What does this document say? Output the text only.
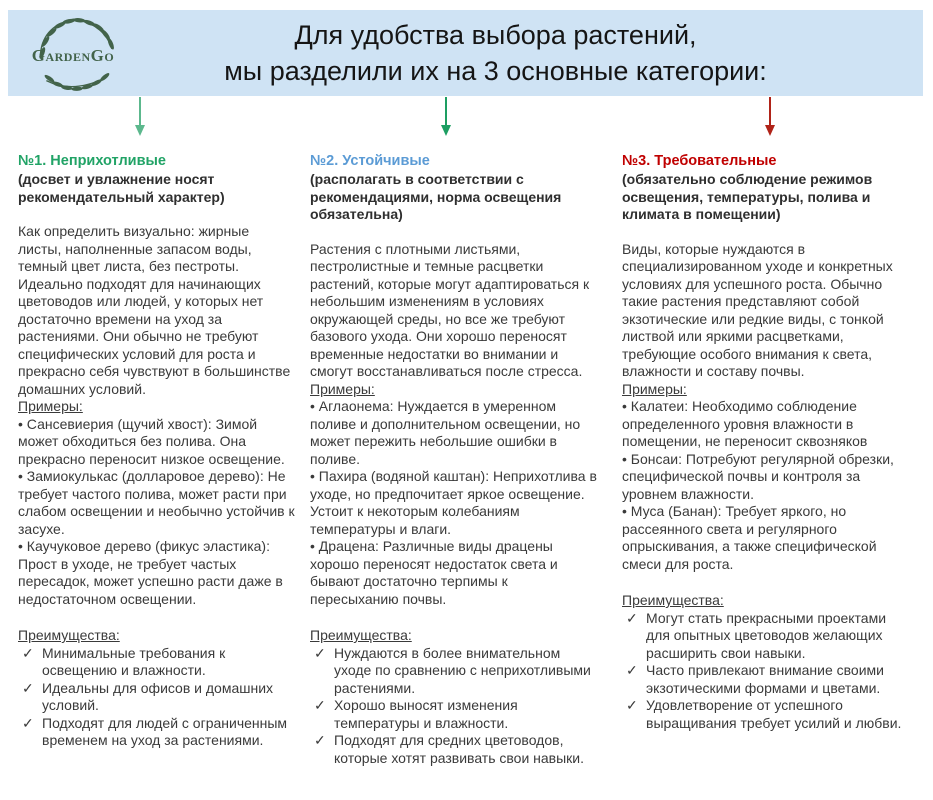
GardenGo
Для удобства выбора растений,
мы разделили их на 3 основные категории:
№1. Неприхотливые

(досвет и увлажнение носят рекомендательный характер)

Как определить визуально: жирные листы, наполненные запасом воды, темный цвет листа, без пестроты. Идеально подходят для начинающих цветоводов или людей, у которых нет достаточно времени на уход за растениями. Они обычно не требуют специфических условий для роста и прекрасно себя чувствуют в большинстве домашних условий.

Примеры:

• Сансевиерия (щучий хвост): Зимой может обходиться без полива. Она прекрасно переносит низкое освещение.

• Замиокулькас (долларовое дерево): Не требует частого полива, может расти при слабом освещении и необычно устойчив к засухе.

• Каучуковое дерево (фикус эластика): Прост в уходе, не требует частых пересадок, может успешно расти даже в недостаточном освещении.

Преимущества:

✓ Минимальные требования к освещению и влажности.
✓ Идеальны для офисов и домашних условий.
✓ Подходят для людей с ограниченным временем на уход за растениями.
№2. Устойчивые

(располагать в соответствии с рекомендациями, норма освещения обязательна)

Растения с плотными листьями, пестролистные и темные расцветки растений, которые могут адаптироваться к небольшим изменениям в условиях окружающей среды, но все же требуют базового ухода. Они хорошо переносят временные недостатки во внимании и смогут восстанавливаться после стресса.

Примеры:

• Аглаонема: Нуждается в умеренном поливе и дополнительном освещении, но может пережить небольшие ошибки в поливе.

• Пахира (водяной каштан): Неприхотлива в уходе, но предпочитает яркое освещение. Устоит к некоторым колебаниям температуры и влаги.

• Драцена: Различные виды драцены хорошо переносят недостаток света и бывают достаточно терпимы к пересыханию почвы.

Преимущества:

✓ Нуждаются в более внимательном уходе по сравнению с неприхотливыми растениями.
✓ Хорошо выносят изменения температуры и влажности.
✓ Подходят для средних цветоводов, которые хотят развивать свои навыки.
№3. Требовательные

(обязательно соблюдение режимов освещения, температуры, полива и климата в помещении)

Виды, которые нуждаются в специализированном уходе и конкретных условиях для успешного роста. Обычно такие растения представляют собой экзотические или редкие виды, с тонкой листвой или яркими расцветками, требующие особого внимания к света, влажности и составу почвы.

Примеры:

• Калатеи: Необходимо соблюдение определенного уровня влажности в помещении, не переносит сквозняков

• Бонсаи: Потребуют регулярной обрезки, специфической почвы и контроля за уровнем влажности.

• Муса (Банан): Требует яркого, но рассеянного света и регулярного опрыскивания, а также специфической смеси для роста.

Преимущества:

✓ Могут стать прекрасными проектами для опытных цветоводов желающих расширить свои навыки.
✓ Часто привлекают внимание своими экзотическими формами и цветами.
✓ Удовлетворение от успешного выращивания требует усилий и любви.
